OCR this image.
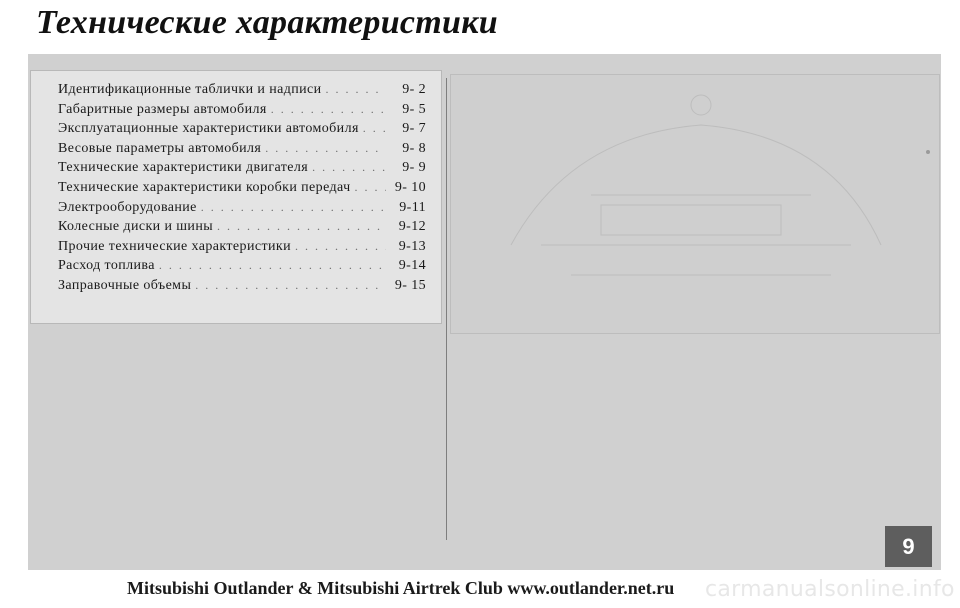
Технические характеристики
Идентификационные таблички и надписи . . .	9- 2
Габаритные размеры автомобиля . . .	9- 5
Эксплуатационные характеристики автомобиля . . .	9- 7
Весовые параметры автомобиля . . .	9- 8
Технические характеристики двигателя . . .	9- 9
Технические характеристики коробки передач . . .	9- 10
Электрооборудование . . .	9-11
Колесные диски и шины . . .	9-12
Прочие технические характеристики . . .	9-13
Расход топлива . . .	9-14
Заправочные объемы . . .	9- 15
9
Mitsubishi Outlander & Mitsubishi Airtrek Club www.outlander.net.ru carmanualsonline.info
